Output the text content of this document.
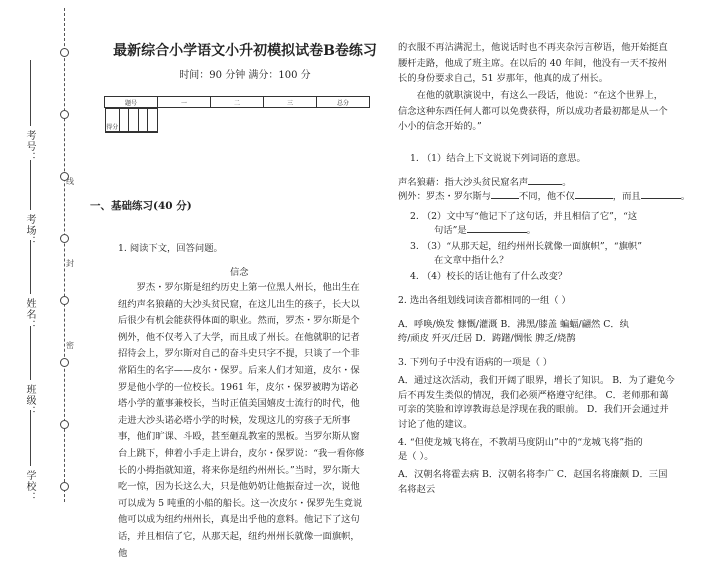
线
封
密
考号：
考场：
姓名：
班级：
学校：
最新综合小学语文小升初模拟试卷B卷练习
时间：90 分钟 满分：100 分
题号	一	二	三	总分
得分				
一、基础练习(40 分)
1. 阅读下文，回答问题。
信念
罗杰・罗尔斯是纽约历史上第一位黑人州长，他出生在纽约声名狼藉的大沙头贫民窟，在这儿出生的孩子，长大以后很少有机会能获得体面的职业。然而，罗杰・罗尔斯是个例外，他不仅考入了大学，而且成了州长。在他就职的记者招待会上，罗尔斯对自己的奋斗史只字不提，只谈了一个非常陌生的名字——皮尔・保罗。后来人们才知道，皮尔・保罗是他小学的一位校长。1961 年，皮尔・保罗被聘为诺必塔小学的董事兼校长，当时正值美国嬉皮士流行的时代，他走进大沙头诺必塔小学的时候，发现这儿的穷孩子无所事事，他们旷课、斗殴，甚至砸乱教室的黑板。当罗尔斯从窗台上跳下，伸着小手走上讲台，皮尔・保罗说：“我一看你修长的小拇指就知道，将来你是纽约州州长。”当时，罗尔斯大吃一惊，因为长这么大，只是他奶奶让他振奋过一次，说他可以成为 5 吨重的小船的船长。这一次皮尔・保罗先生竟说他可以成为纽约州州长，真是出乎他的意料。他记下了这句话，并且相信了它，从那天起，纽约州州长就像一面旗帜，他
的衣服不再沾满泥土，他说话时也不再夹杂污言秽语，他开始挺直腰杆走路，他成了班主席。在以后的 40 年间，他没有一天不按州长的身份要求自己，51 岁那年，他真的成了州长。
在他的就职演说中，有这么一段话，他说：“在这个世界上，信念这种东西任何人都可以免费获得，所以成功者最初都是从一个小小的信念开始的。”
1. （1）结合上下文说说下列词语的意思。
声名狼藉：指大沙头贫民窟名声	。
例外：罗杰・罗尔斯与	不同，他不仅	，而且	。
2. （2）文中写“他记下了这句话，并且相信了它”，“这
句话”是	。
3. （3）“从那天起，纽约州州长就像一面旗帜”，“旗帜”
在文章中指什么？
4. （4）校长的话让他有了什么改变？
2. 选出各组划线词读音都相同的一组（ ）
A．呼唤/焕发 慷慨/灌溉 B．沸黑/膝盖 蝙蝠/翩然 C．纨
绔/顽皮 歼灭/迁居 D．踌躇/惆怅 脾乏/烧鹊
3. 下列句子中没有语病的一项是（ ）
A．通过这次活动，我们开阔了眼界，增长了知识。 B．为了避免今后不再发生类似的情况，我们必须严格遵守纪律。 C．老师那和蔼可亲的笑脸和谆谆教诲总是浮现在我的眼前。 D．我们开会通过并讨论了他的建议。
4. “但使龙城飞将在，不教胡马度阴山”中的“龙城飞将”指的
是（ ）。
A．汉朝名将霍去病 B．汉朝名将李广 C．赵国名将廉颇 D．三国名将赵云
